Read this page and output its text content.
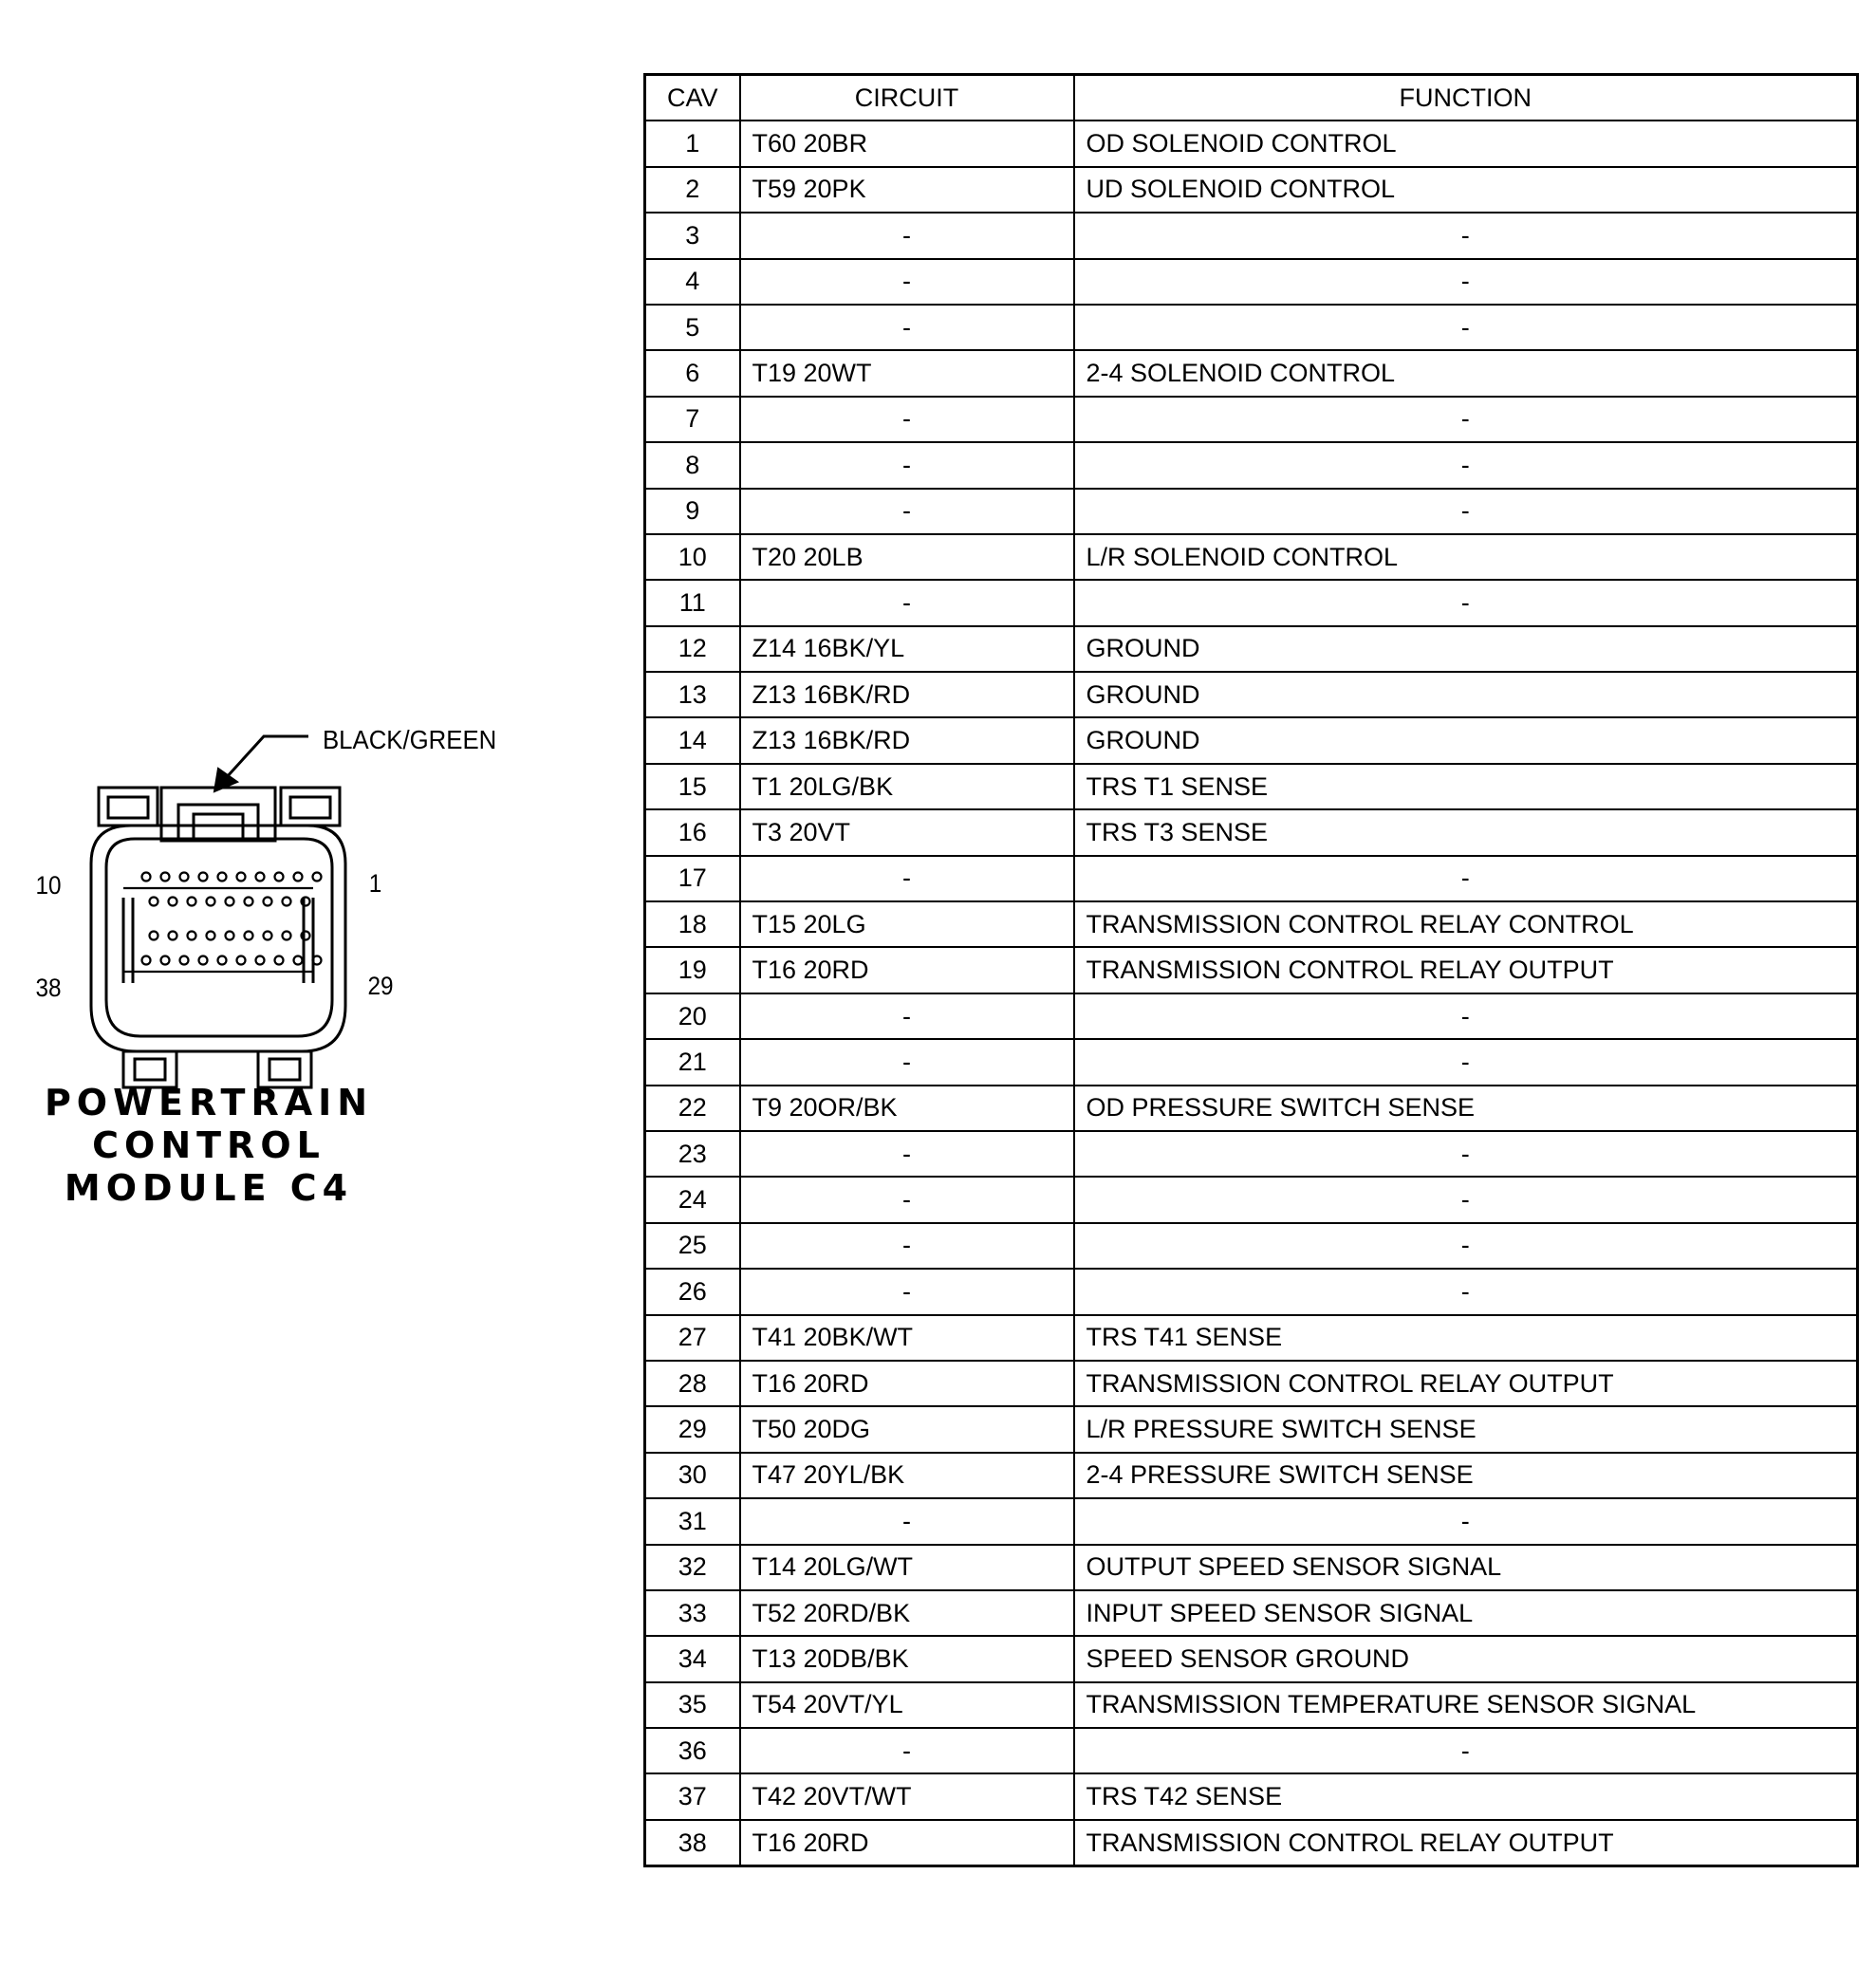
BLACK/GREEN
10	1
38	29
POWERTRAIN
CONTROL
MODULE C4
CAV	CIRCUIT	FUNCTION
1	T60 20BR	OD SOLENOID CONTROL
2	T59 20PK	UD SOLENOID CONTROL
3	-	-
4	-	-
5	-	-
6	T19 20WT	2-4 SOLENOID CONTROL
7	-	-
8	-	-
9	-	-
10	T20 20LB	L/R SOLENOID CONTROL
11	-	-
12	Z14 16BK/YL	GROUND
13	Z13 16BK/RD	GROUND
14	Z13 16BK/RD	GROUND
15	T1 20LG/BK	TRS T1 SENSE
16	T3 20VT	TRS T3 SENSE
17	-	-
18	T15 20LG	TRANSMISSION CONTROL RELAY CONTROL
19	T16 20RD	TRANSMISSION CONTROL RELAY OUTPUT
20	-	-
21	-	-
22	T9 20OR/BK	OD PRESSURE SWITCH SENSE
23	-	-
24	-	-
25	-	-
26	-	-
27	T41 20BK/WT	TRS T41 SENSE
28	T16 20RD	TRANSMISSION CONTROL RELAY OUTPUT
29	T50 20DG	L/R PRESSURE SWITCH SENSE
30	T47 20YL/BK	2-4 PRESSURE SWITCH SENSE
31	-	-
32	T14 20LG/WT	OUTPUT SPEED SENSOR SIGNAL
33	T52 20RD/BK	INPUT SPEED SENSOR SIGNAL
34	T13 20DB/BK	SPEED SENSOR GROUND
35	T54 20VT/YL	TRANSMISSION TEMPERATURE SENSOR SIGNAL
36	-	-
37	T42 20VT/WT	TRS T42 SENSE
38	T16 20RD	TRANSMISSION CONTROL RELAY OUTPUT
